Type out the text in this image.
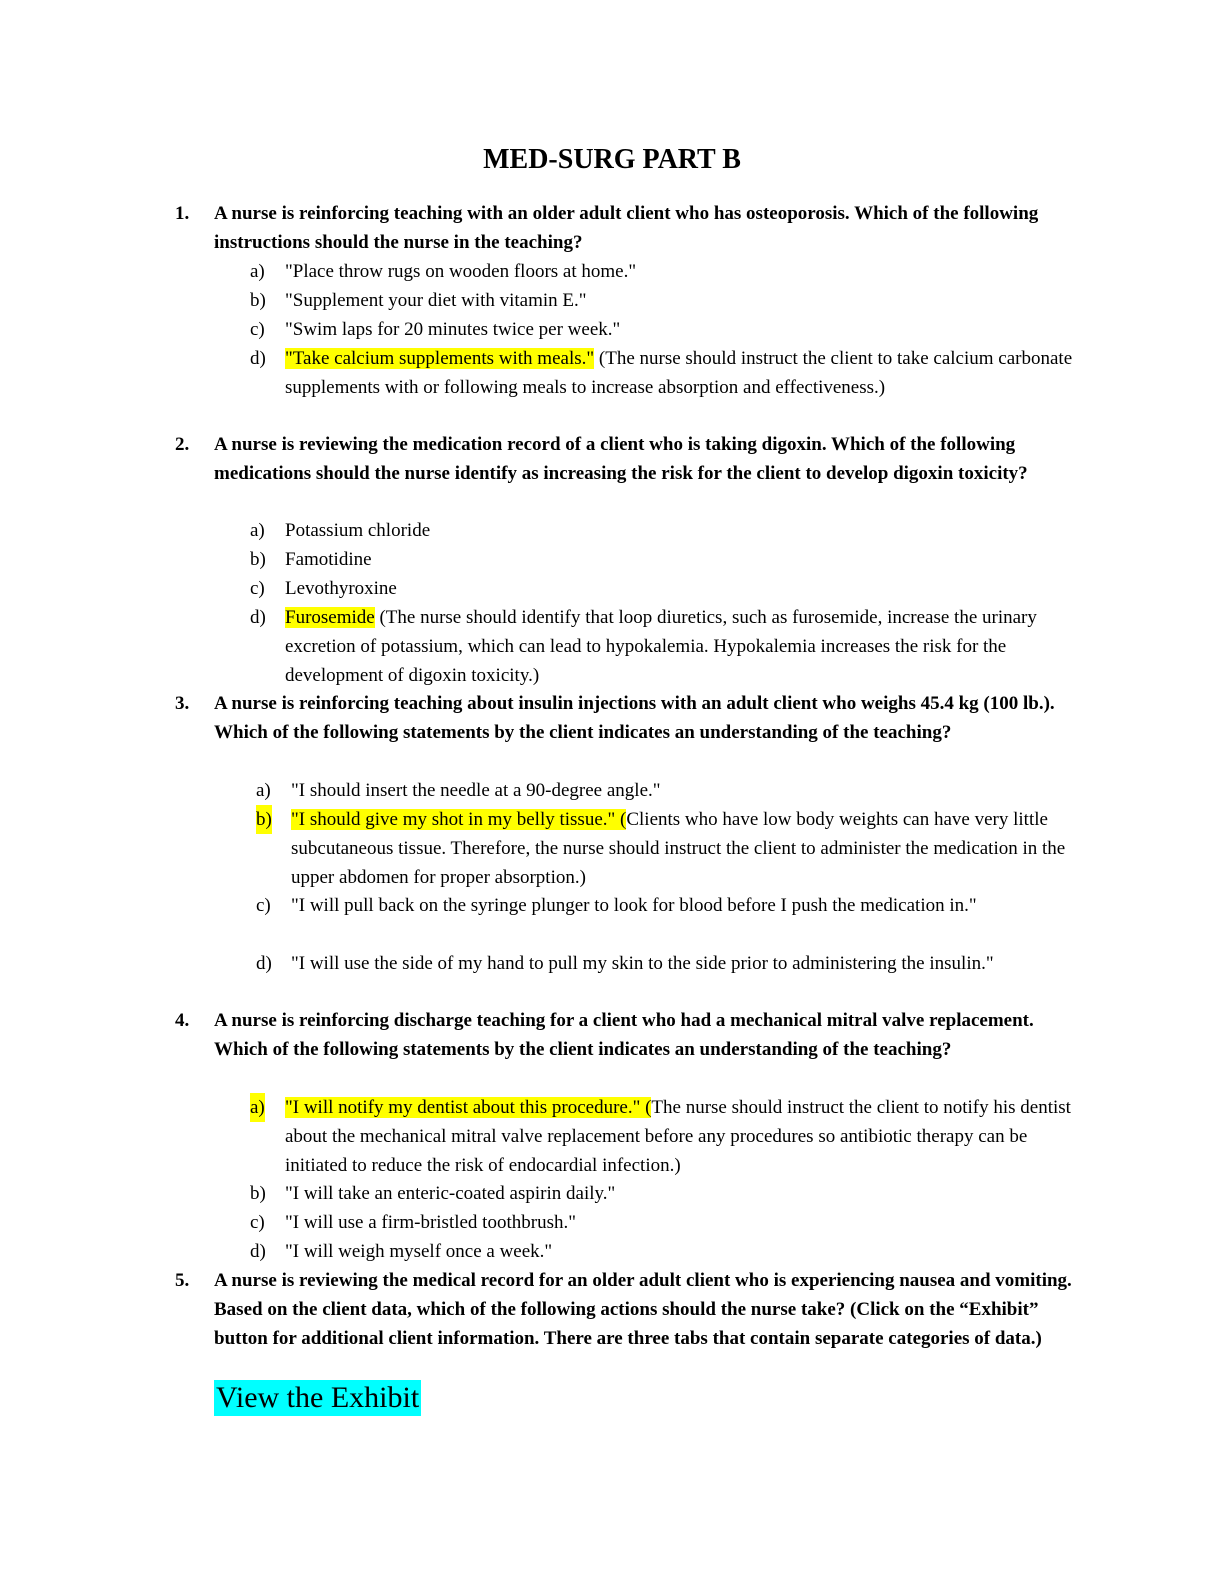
MED-SURG PART B
1.	A nurse is reinforcing teaching with an older adult client who has osteoporosis. Which of the following instructions should the nurse in the teaching?
a) "Place throw rugs on wooden floors at home."
b) "Supplement your diet with vitamin E."
c) "Swim laps for 20 minutes twice per week."
d) "Take calcium supplements with meals." (The nurse should instruct the client to take calcium carbonate supplements with or following meals to increase absorption and effectiveness.)
2.	A nurse is reviewing the medication record of a client who is taking digoxin. Which of the following medications should the nurse identify as increasing the risk for the client to develop digoxin toxicity?
a) Potassium chloride
b) Famotidine
c) Levothyroxine
d) Furosemide (The nurse should identify that loop diuretics, such as furosemide, increase the urinary excretion of potassium, which can lead to hypokalemia. Hypokalemia increases the risk for the development of digoxin toxicity.)
3.	A nurse is reinforcing teaching about insulin injections with an adult client who weighs 45.4 kg (100 lb.). Which of the following statements by the client indicates an understanding of the teaching?
a) "I should insert the needle at a 90-degree angle."
b) "I should give my shot in my belly tissue." (Clients who have low body weights can have very little subcutaneous tissue. Therefore, the nurse should instruct the client to administer the medication in the upper abdomen for proper absorption.)
c) "I will pull back on the syringe plunger to look for blood before I push the medication in."
d) "I will use the side of my hand to pull my skin to the side prior to administering the insulin."
4.	A nurse is reinforcing discharge teaching for a client who had a mechanical mitral valve replacement. Which of the following statements by the client indicates an understanding of the teaching?
a) "I will notify my dentist about this procedure." (The nurse should instruct the client to notify his dentist about the mechanical mitral valve replacement before any procedures so antibiotic therapy can be initiated to reduce the risk of endocardial infection.)
b) "I will take an enteric-coated aspirin daily."
c) "I will use a firm-bristled toothbrush."
d) "I will weigh myself once a week."
5.	A nurse is reviewing the medical record for an older adult client who is experiencing nausea and vomiting. Based on the client data, which of the following actions should the nurse take? (Click on the “Exhibit” button for additional client information. There are three tabs that contain separate categories of data.)
View the Exhibit
